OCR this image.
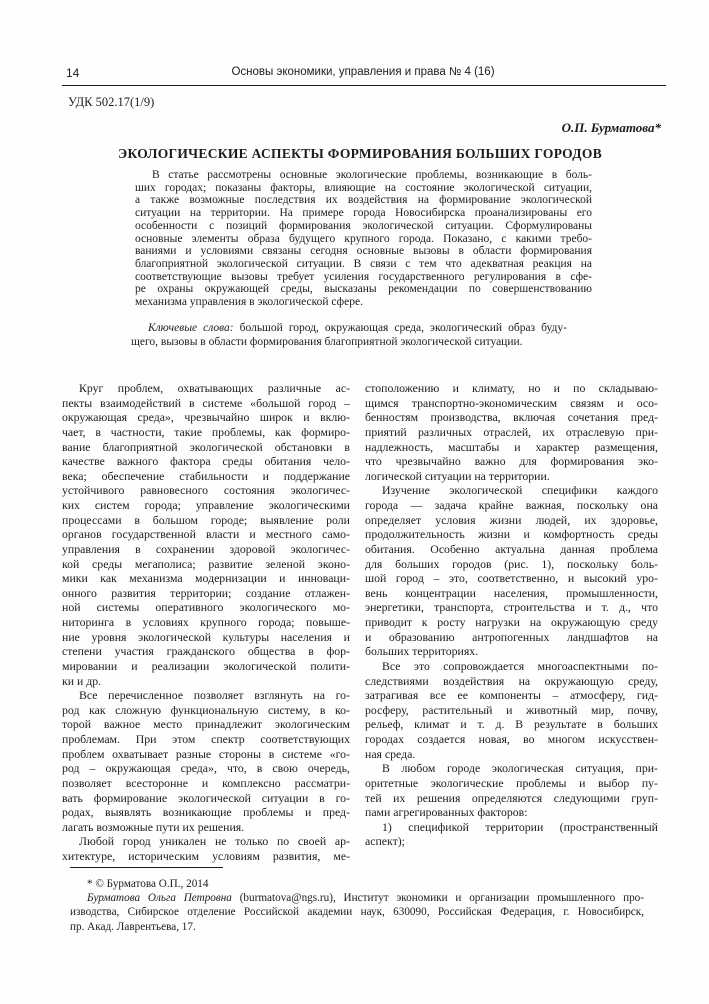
14	Основы экономики, управления и права № 4 (16)
УДК 502.17(1/9)
О.П. Бурматова*
ЭКОЛОГИЧЕСКИЕ АСПЕКТЫ ФОРМИРОВАНИЯ БОЛЬШИХ ГОРОДОВ
В статье рассмотрены основные экологические проблемы, возникающие в боль-
ших городах; показаны факторы, влияющие на состояние экологической ситуации,
а также возможные последствия их воздействия на формирование экологической
ситуации на территории. На примере города Новосибирска проанализированы его
особенности с позиций формирования экологической ситуации. Сформулированы
основные элементы образа будущего крупного города. Показано, с какими требо-
ваниями и условиями связаны сегодня основные вызовы в области формирования
благоприятной экологической ситуации. В связи с тем что адекватная реакция на
соответствующие вызовы требует усиления государственного регулирования в сфе-
ре охраны окружающей среды, высказаны рекомендации по совершенствованию
механизма управления в экологической сфере.
Ключевые слова: большой город, окружающая среда, экологический образ буду-
щего, вызовы в области формирования благоприятной экологической ситуации.
Круг проблем, охватывающих различные ас-
пекты взаимодействий в системе «большой город –
окружающая среда», чрезвычайно широк и вклю-
чает, в частности, такие проблемы, как формиро-
вание благоприятной экологической обстановки в
качестве важного фактора среды обитания чело-
века; обеспечение стабильности и поддержание
устойчивого равновесного состояния экологичес-
ких систем города; управление экологическими
процессами в большом городе; выявление роли
органов государственной власти и местного само-
управления в сохранении здоровой экологичес-
кой среды мегаполиса; развитие зеленой эконо-
мики как механизма модернизации и инноваци-
онного развития территории; создание отлажен-
ной системы оперативного экологического мо-
ниторинга в условиях крупного города; повыше-
ние уровня экологической культуры населения и
степени участия гражданского общества в фор-
мировании и реализации экологической полити-
ки и др.
Все перечисленное позволяет взглянуть на го-
род как сложную функциональную систему, в ко-
торой важное место принадлежит экологическим
проблемам. При этом спектр соответствующих
проблем охватывает разные стороны в системе «го-
род – окружающая среда», что, в свою очередь,
позволяет всесторонне и комплексно рассматри-
вать формирование экологической ситуации в го-
родах, выявлять возникающие проблемы и пред-
лагать возможные пути их решения.
Любой город уникален не только по своей ар-
хитектуре, историческим условиям развития, ме-
стоположению и климату, но и по складываю-
щимся транспортно-экономическим связям и осо-
бенностям производства, включая сочетания пред-
приятий различных отраслей, их отраслевую при-
надлежность, масштабы и характер размещения,
что чрезвычайно важно для формирования эко-
логической ситуации на территории.
Изучение экологической специфики каждого
города — задача крайне важная, поскольку она
определяет условия жизни людей, их здоровье,
продолжительность жизни и комфортность среды
обитания. Особенно актуальна данная проблема
для больших городов (рис. 1), поскольку боль-
шой город – это, соответственно, и высокий уро-
вень концентрации населения, промышленности,
энергетики, транспорта, строительства и т. д., что
приводит к росту нагрузки на окружающую среду
и образованию антропогенных ландшафтов на
больших территориях.
Все это сопровождается многоаспектными по-
следствиями воздействия на окружающую среду,
затрагивая все ее компоненты – атмосферу, гид-
росферу, растительный и животный мир, почву,
рельеф, климат и т. д. В результате в больших
городах создается новая, во многом искусствен-
ная среда.
В любом городе экологическая ситуация, при-
оритетные экологические проблемы и выбор пу-
тей их решения определяются следующими груп-
пами агрегированных факторов:
1) спецификой территории (пространственный
аспект);
* © Бурматова О.П., 2014
Бурматова Ольга Петровна (burmatova@ngs.ru), Институт экономики и организации промышленного про-
изводства, Сибирское отделение Российской академии наук, 630090, Российская Федерация, г. Новосибирск,
пр. Акад. Лаврентьева, 17.
